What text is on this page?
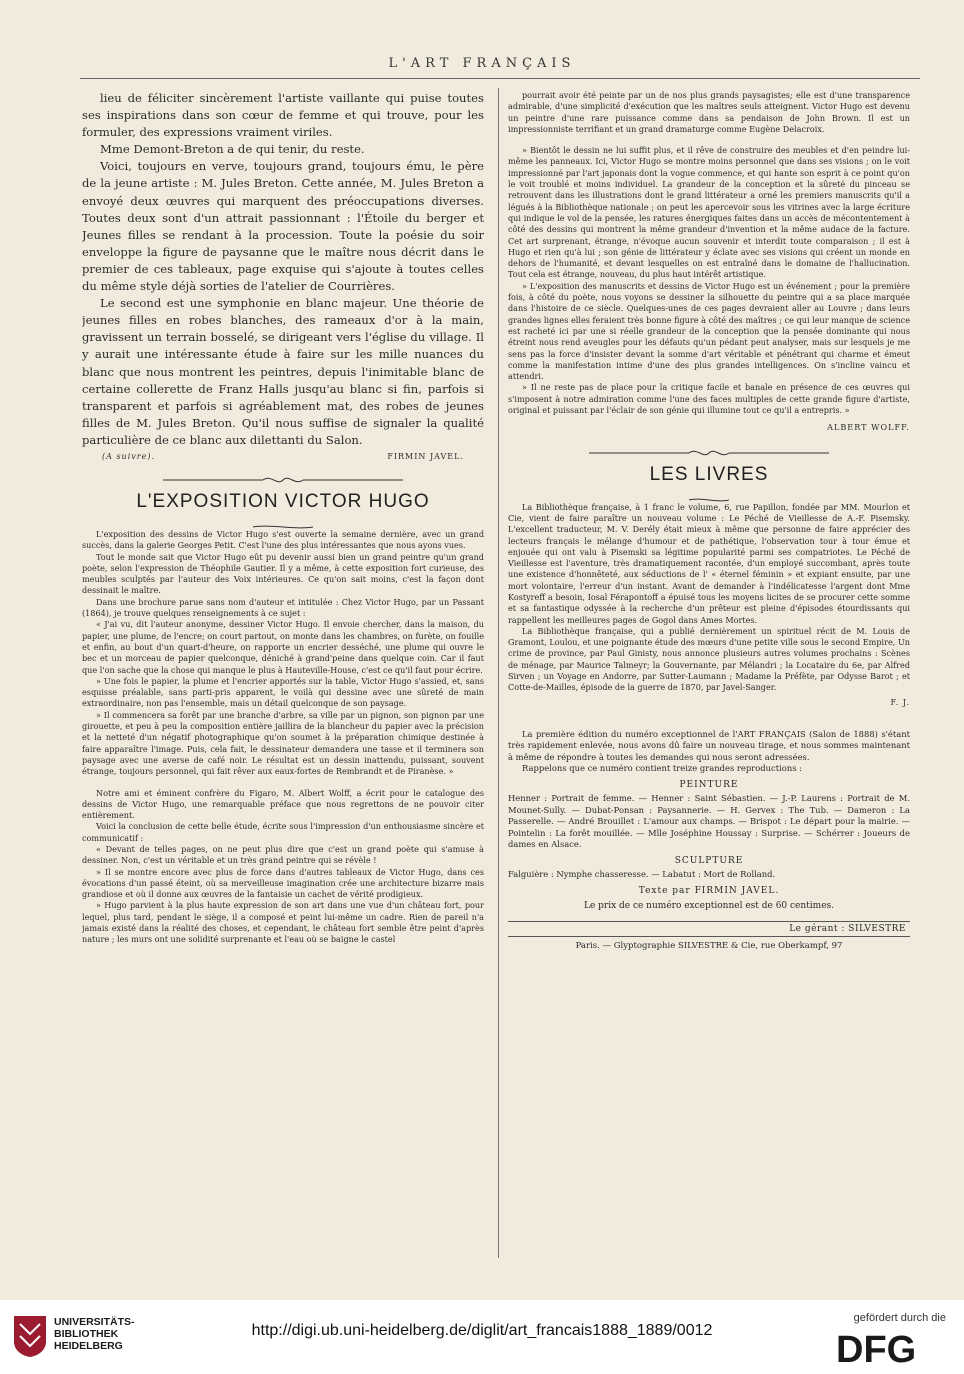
L'ART FRANÇAIS

lieu de féliciter sincèrement l'artiste vaillante qui puise toutes ses inspirations dans son cœur de femme et qui trouve, pour les formuler, des expressions vraiment viriles.

Mme Demont-Breton a de qui tenir, du reste.

Voici, toujours en verve, toujours grand, toujours ému, le père de la jeune artiste : M. Jules Breton. Cette année, M. Jules Breton a envoyé deux œuvres qui marquent des préoccupations diverses. Toutes deux sont d'un attrait passionnant : l'Étoile du berger et Jeunes filles se rendant à la procession. Toute la poésie du soir enveloppe la figure de paysanne que le maître nous décrit dans le premier de ces tableaux, page exquise qui s'ajoute à toutes celles du même style déjà sorties de l'atelier de Courrières.

Le second est une symphonie en blanc majeur. Une théorie de jeunes filles en robes blanches, des rameaux d'or à la main, gravissent un terrain bosselé, se dirigeant vers l'église du village. Il y aurait une intéressante étude à faire sur les mille nuances du blanc que nous montrent les peintres, depuis l'inimitable blanc de certaine collerette de Franz Halls jusqu'au blanc si fin, parfois si transparent et parfois si agréablement mat, des robes de jeunes filles de M. Jules Breton. Qu'il nous suffise de signaler la qualité particulière de ce blanc aux dilettanti du Salon.

(A suivre).	FIRMIN JAVEL.
L'EXPOSITION VICTOR HUGO

L'exposition des dessins de Victor Hugo s'est ouverte la semaine dernière, avec un grand succès, dans la galerie Georges Petit. C'est l'une des plus intéressantes que nous ayons vues.

Tout le monde sait que Victor Hugo eût pu devenir aussi bien un grand peintre qu'un grand poète, selon l'expression de Théophile Gautier. Il y a même, à cette exposition fort curieuse, des meubles sculptés par l'auteur des Voix intérieures. Ce qu'on sait moins, c'est la façon dont dessinait le maître.

Dans une brochure parue sans nom d'auteur et intitulée : Chez Victor Hugo, par un Passant (1864), je trouve quelques renseignements à ce sujet :

« J'ai vu, dit l'auteur anonyme, dessiner Victor Hugo. Il envoie chercher, dans la maison, du papier, une plume, de l'encre; on court partout, on monte dans les chambres, on furète, on fouille et enfin, au bout d'un quart-d'heure, on rapporte un encrier desséché, une plume qui ouvre le bec et un morceau de papier quelconque, déniché à grand'peine dans quelque coin. Car il faut que l'on sache que la chose qui manque le plus à Hauteville-House, c'est ce qu'il faut pour écrire.

» Une fois le papier, la plume et l'encrier apportés sur la table, Victor Hugo s'assied, et, sans esquisse préalable, sans parti-pris apparent, le voilà qui dessine avec une sûreté de main extraordinaire, non pas l'ensemble, mais un détail quelconque de son paysage.

» Il commencera sa forêt par une branche d'arbre, sa ville par un pignon, son pignon par une girouette, et peu à peu la composition entière jaillira de la blancheur du papier avec la précision et la netteté d'un négatif photographique qu'on soumet à la préparation chimique destinée à faire apparaître l'image. Puis, cela fait, le dessinateur demandera une tasse et il terminera son paysage avec une averse de café noir. Le résultat est un dessin inattendu, puissant, souvent étrange, toujours personnel, qui fait rêver aux eaux-fortes de Rembrandt et de Piranèse. »

Notre ami et éminent confrère du Figaro, M. Albert Wolff, a écrit pour le catalogue des dessins de Victor Hugo, une remarquable préface que nous regrettons de ne pouvoir citer entièrement.

Voici la conclusion de cette belle étude, écrite sous l'impression d'un enthousiasme sincère et communicatif :

« Devant de telles pages, on ne peut plus dire que c'est un grand poète qui s'amuse à dessiner. Non, c'est un véritable et un très grand peintre qui se révèle !

» Il se montre encore avec plus de force dans d'autres tableaux de Victor Hugo, dans ces évocations d'un passé éteint, où sa merveilleuse imagination crée une architecture bizarre mais grandiose et où il donne aux œuvres de la fantaisie un cachet de vérité prodigieux.

» Hugo parvient à la plus haute expression de son art dans une vue d'un château fort, pour lequel, plus tard, pendant le siège, il a composé et peint lui-même un cadre. Rien de pareil n'a jamais existé dans la réalité des choses, et cependant, le château fort semble être peint d'après nature ; les murs ont une solidité surprenante et l'eau où se baigne le castel

pourrait avoir été peinte par un de nos plus grands paysagistes; elle est d'une transparence admirable, d'une simplicité d'exécution que les maîtres seuls atteignent. Victor Hugo est devenu un peintre d'une rare puissance comme dans sa pendaison de John Brown. Il est un impressionniste terrifiant et un grand dramaturge comme Eugène Delacroix.

» Bientôt le dessin ne lui suffit plus, et il rêve de construire des meubles et d'en peindre lui-même les panneaux. Ici, Victor Hugo se montre moins personnel que dans ses visions ; on le voit impressionné par l'art japonais dont la vogue commence, et qui hante son esprit à ce point qu'on le voit troublé et moins individuel. La grandeur de la conception et la sûreté du pinceau se retrouvent dans les illustrations dont le grand littérateur a orné les premiers manuscrits qu'il a légués à la Bibliothèque nationale ; on peut les apercevoir sous les vitrines avec la large écriture qui indique le vol de la pensée, les ratures énergiques faites dans un accès de mécontentement à côté des dessins qui montrent la même grandeur d'invention et la même audace de la facture. Cet art surprenant, étrange, n'évoque aucun souvenir et interdit toute comparaison ; il est à Hugo et rien qu'à lui ; son génie de littérateur y éclate avec ses visions qui créent un monde en dehors de l'humanité, et devant lesquelles on est entraîné dans le domaine de l'hallucination. Tout cela est étrange, nouveau, du plus haut intérêt artistique.

» L'exposition des manuscrits et dessins de Victor Hugo est un événement ; pour la première fois, à côté du poète, nous voyons se dessiner la silhouette du peintre qui a sa place marquée dans l'histoire de ce siècle. Quelques-unes de ces pages devraient aller au Louvre ; dans leurs grandes lignes elles feraient très bonne figure à côté des maîtres ; ce qui leur manque de science est racheté ici par une si réelle grandeur de la conception que la pensée dominante qui nous étreint nous rend aveugles pour les défauts qu'un pédant peut analyser, mais sur lesquels je me sens pas la force d'insister devant la somme d'art véritable et pénétrant qui charme et émeut comme la manifestation intime d'une des plus grandes intelligences. On s'incline vaincu et attendri.

» Il ne reste pas de place pour la critique facile et banale en présence de ces œuvres qui s'imposent à notre admiration comme l'une des faces multiples de cette grande figure d'artiste, original et puissant par l'éclair de son génie qui illumine tout ce qu'il a entrepris. »

ALBERT WOLFF.

LES LIVRES

La Bibliothèque française, à 1 franc le volume, 6, rue Papillon, fondée par MM. Mourlon et Cie, vient de faire paraître un nouveau volume : Le Péché de Vieillesse de A.-F. Pisemsky. L'excellent traducteur, M. V. Derély était mieux à même que personne de faire apprécier des lecteurs français le mélange d'humour et de pathétique, l'observation tour à tour émue et enjouée qui ont valu à Pisemski sa légitime popularité parmi ses compatriotes. Le Péché de Vieillesse est l'aventure, très dramatiquement racontée, d'un employé succombant, après toute une existence d'honnêteté, aux séductions de l' « éternel féminin » et expiant ensuite, par une mort volontaire, l'erreur d'un instant. Avant de demander à l'indélicatesse l'argent dont Mme Kostyreff a besoin, Iosal Férapontoff a épuisé tous les moyens licites de se procurer cette somme et sa fantastique odyssée à la recherche d'un prêteur est pleine d'épisodes étourdissants qui rappellent les meilleures pages de Gogol dans Ames Mortes.

La Bibliothèque française, qui a publié dernièrement un spirituel récit de M. Louis de Gramont, Loulou, et une poignante étude des mœurs d'une petite ville sous le second Empire, Un crime de province, par Paul Ginisty, nous annonce plusieurs autres volumes prochains : Scènes de ménage, par Maurice Talmeyr; la Gouvernante, par Mélandri ; la Locataire du 6e, par Alfred Sirven ; un Voyage en Andorre, par Sutter-Laumann ; Madame la Préfète, par Odysse Barot ; et Cotte-de-Mailles, épisode de la guerre de 1870, par Javel-Sanger.

F. J.

La première édition du numéro exceptionnel de l'ART FRANÇAIS (Salon de 1888) s'étant très rapidement enlevée, nous avons dû faire un nouveau tirage, et nous sommes maintenant à même de répondre à toutes les demandes qui nous seront adressées.

Rappelons que ce numéro contient treize grandes reproductions :

PEINTURE

Henner : Portrait de femme. — Henner : Saint Sébastien. — J.-P. Laurens : Portrait de M. Mounet-Sully. — Dubat-Ponsan : Paysannerie. — H. Gervex : The Tub. — Dameron : La Passerelle. — André Brouillet : L'amour aux champs. — Brispot : Le départ pour la mairie. — Pointelin : La forêt mouillée. — Mlle Joséphine Houssay : Surprise. — Schérrer : Joueurs de dames en Alsace.

SCULPTURE

Falguière : Nymphe chasseresse. — Labatut : Mort de Rolland.

Texte par FIRMIN JAVEL.
Le prix de ce numéro exceptionnel est de 60 centimes.
Le gérant : SILVESTRE
Paris. — Glyptographie SILVESTRE & Cie, rue Oberkampf, 97
UNIVERSITÄTS-
BIBLIOTHEK
HEIDELBERG
http://digi.ub.uni-heidelberg.de/diglit/art_francais1888_1889/0012
gefördert durch die
DFG
